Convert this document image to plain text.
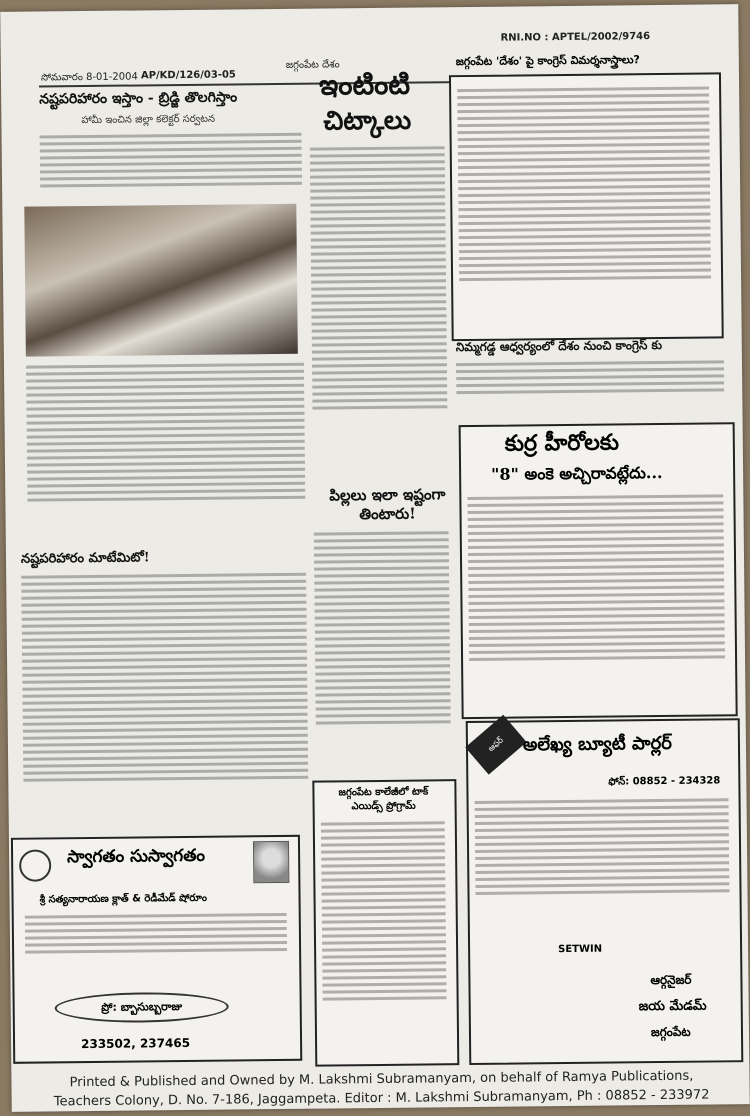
RNI.NO : APTEL/2002/9746
సోమవారం 8-01-2004 AP/KD/126/03-05
జగ్గంపేట దేశం
నష్టపరిహారం ఇస్తాం - బ్రిడ్జి తొలగిస్తాం
హామీ ఇంచిన జిల్లా కలెక్టర్ సర్వటన
నష్టపరిహారం మాటేమిటో!
స్వాగతం సుస్వాగతం
శ్రీ సత్యనారాయణ క్లాత్ & రెడీమేడ్ షోరూం
ప్రో: బ్బాసుబ్బరాజు
233502, 237465
ఇంటింటి
చిట్కాలు
పిల్లలు ఇలా ఇష్టంగా తింటారు!
జగ్గంపేట కాలేజీలో టాక్ ఎయిడ్స్ ప్రోగ్రామ్
జగ్గంపేట 'దేశం' పై కాంగ్రెస్ విమర్శనాస్త్రాలు?
నిమ్మగడ్డ ఆధ్వర్యంలో దేశం నుంచి కాంగ్రెస్ కు
కుర్ర హీరోలకు
"8" అంకె అచ్చిరావట్లేదు...
ఆఫర్ అలేఖ్య బ్యూటీ పార్లర్
ఫోన్: 08852 - 234328
SETWIN
ఆర్గనైజర్
జయ మేడమ్
జగ్గంపేట
Printed & Published and Owned by M. Lakshmi Subramanyam, on behalf of Ramya Publications,
Teachers Colony, D. No. 7-186, Jaggampeta. Editor : M. Lakshmi Subramanyam, Ph : 08852 - 233972
